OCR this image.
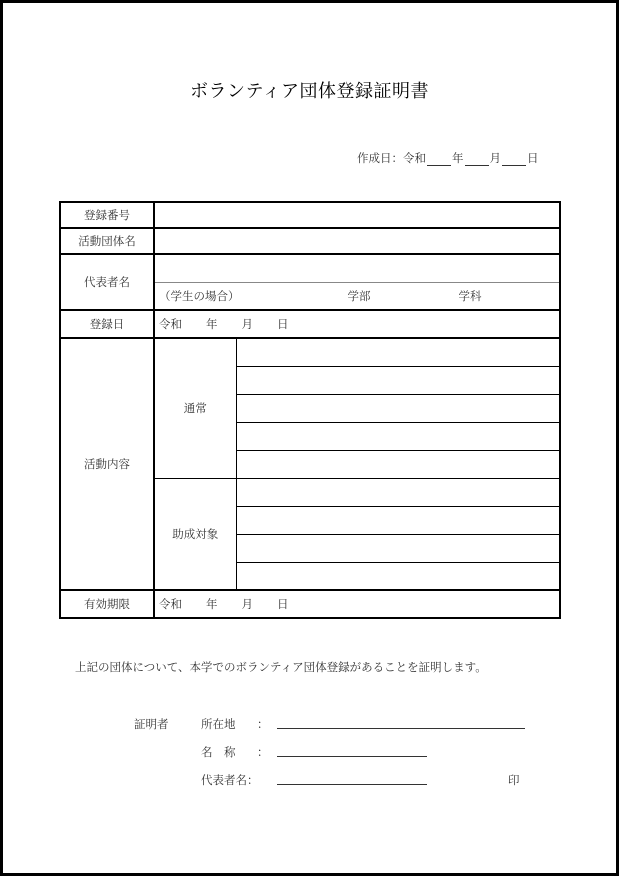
ボランティア団体登録証明書
作成日：令和 年 月 日
登録番号		
活動団体名		
代表者名		
	（学生の場合） 学部 学科	
登録日	令和 年 月 日	
活動内容	通常	

	助成対象	

有効期限	令和 年 月 日	
上記の団体について、本学でのボランティア団体登録があることを証明します。
証明者	所在地 ：
名　称 ：
代表者名：	印
